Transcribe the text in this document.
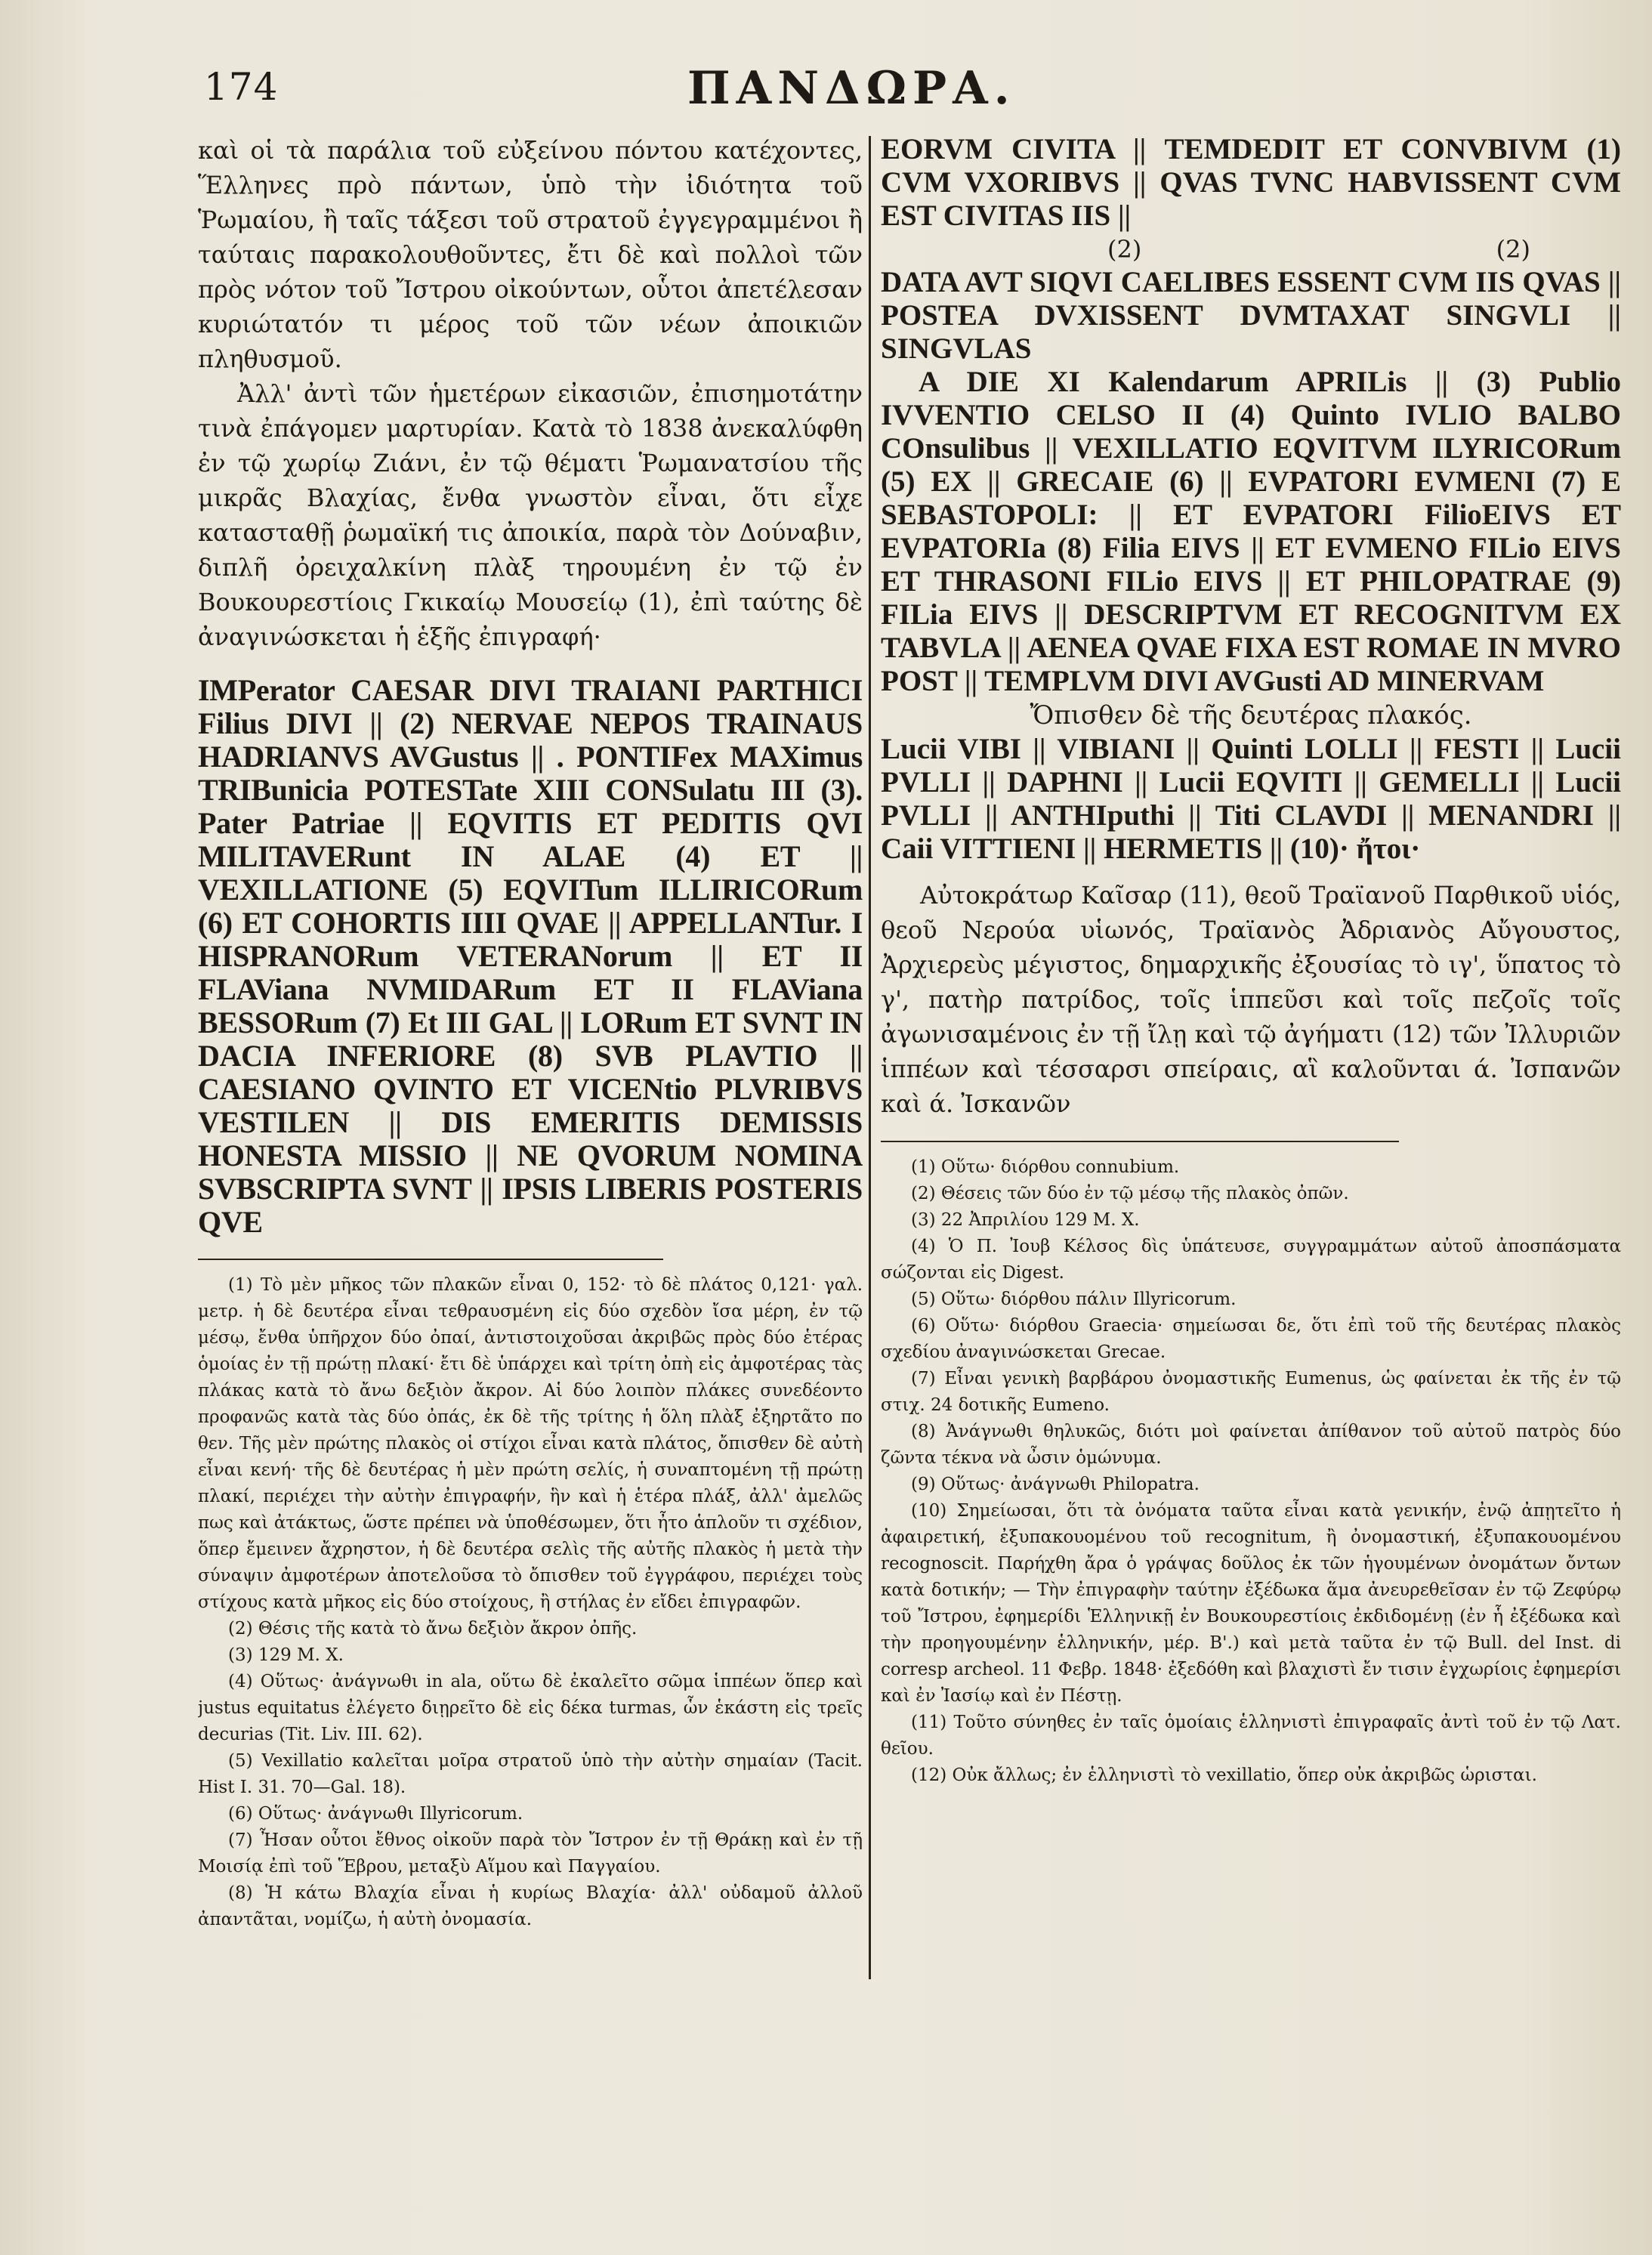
174	ΠΑΝΔΩΡΑ.

καὶ οἱ τὰ παράλια τοῦ εὐξείνου πόντου κατέχοντες, Ἕλληνες πρὸ πάντων, ὑπὸ τὴν ἰδιότητα τοῦ Ῥωμαίου, ἢ ταῖς τάξεσι τοῦ στρατοῦ ἐγγεγραμμένοι ἢ ταύταις παρακολουθοῦντες, ἔτι δὲ καὶ πολλοὶ τῶν πρὸς νότον τοῦ Ἴστρου οἰκούντων, οὗτοι ἀπετέλεσαν κυριώτατόν τι μέρος τοῦ τῶν νέων ἀποικιῶν πληθυσμοῦ.

Ἀλλ' ἀντὶ τῶν ἡμετέρων εἰκασιῶν, ἐπισημοτάτην τινὰ ἐπάγομεν μαρτυρίαν. Κατὰ τὸ 1838 ἀνεκαλύφθη ἐν τῷ χωρίῳ Ζιάνι, ἐν τῷ θέματι Ῥωμανατσίου τῆς μικρᾶς Βλαχίας, ἔνθα γνωστὸν εἶναι, ὅτι εἶχε κατασταθῇ ῥωμαϊκή τις ἀποικία, παρὰ τὸν Δούναβιν, διπλῆ ὀρειχαλκίνη πλὰξ τηρουμένη ἐν τῷ ἐν Βουκουρεστίοις Γκικαίῳ Μουσείῳ (1), ἐπὶ ταύτης δὲ ἀναγινώσκεται ἡ ἑξῆς ἐπιγραφή·

IMPerator CAESAR DIVI TRAIANI PARTHICI Filius DIVI || (2) NERVAE NEPOS TRAINAUS HADRIANVS AVGustus || . PONTIFex MAXimus TRIBunicia POTESTate XIII CONSulatu III (3). Pater Patriae || EQVITIS ET PEDITIS QVI MILITAVERunt IN ALAE (4) ET || VEXILLATIONE (5) EQVITum ILLIRICORum (6) ET COHORTIS IIII QVAE || APPELLANTur. I HISPRANORum VETERANorum || ET II FLAViana NVMIDARum ET II FLAViana BESSORum (7) Et III GAL || LORum ET SVNT IN DACIA INFERIORE (8) SVB PLAVTIO || CAESIANO QVINTO ET VICENtio PLVRIBVS VESTILEN || DIS EMERITIS DEMISSIS HONESTA MISSIO || NE QVORUM NOMINA SVBSCRIPTA SVNT || IPSIS LIBERIS POSTERIS QVE

(1) Τὸ μὲν μῆκος τῶν πλακῶν εἶναι 0, 152· τὸ δὲ πλάτος 0,121· γαλ. μετρ. ἡ δὲ δευτέρα εἶναι τεθραυσμένη εἰς δύο σχεδὸν ἴσα μέρη, ἐν τῷ μέσῳ, ἔνθα ὑπῆρχον δύο ὀπαί, ἀντιστοιχοῦσαι ἀκριβῶς πρὸς δύο ἑτέρας ὁμοίας ἐν τῇ πρώτῃ πλακί· ἔτι δὲ ὑπάρχει καὶ τρίτη ὀπὴ εἰς ἀμφοτέρας τὰς πλάκας κατὰ τὸ ἄνω δεξιὸν ἄκρον. Αἱ δύο λοιπὸν πλάκες συνεδέοντο προφανῶς κατὰ τὰς δύο ὀπάς, ἐκ δὲ τῆς τρίτης ἡ ὅλη πλὰξ ἐξηρτᾶτο πο θεν. Τῆς μὲν πρώτης πλακὸς οἱ στίχοι εἶναι κατὰ πλάτος, ὄπισθεν δὲ αὐτὴ εἶναι κενή· τῆς δὲ δευτέρας ἡ μὲν πρώτη σελίς, ἡ συναπτομένη τῇ πρώτῃ πλακί, περιέχει τὴν αὐτὴν ἐπιγραφήν, ἣν καὶ ἡ ἑτέρα πλάξ, ἀλλ' ἀμελῶς πως καὶ ἀτάκτως, ὥστε πρέπει νὰ ὑποθέσωμεν, ὅτι ἦτο ἁπλοῦν τι σχέδιον, ὅπερ ἔμεινεν ἄχρηστον, ἡ δὲ δευτέρα σελὶς τῆς αὐτῆς πλακὸς ἡ μετὰ τὴν σύναψιν ἀμφοτέρων ἀποτελοῦσα τὸ ὄπισθεν τοῦ ἐγγράφου, περιέχει τοὺς στίχους κατὰ μῆκος εἰς δύο στοίχους, ἢ στήλας ἐν εἴδει ἐπιγραφῶν.

(2) Θέσις τῆς κατὰ τὸ ἄνω δεξιὸν ἄκρον ὀπῆς.

(3) 129 Μ. Χ.

(4) Οὕτως· ἀνάγνωθι in ala, οὕτω δὲ ἐκαλεῖτο σῶμα ἱππέων ὅπερ καὶ justus equitatus ἐλέγετο διῃρεῖτο δὲ εἰς δέκα turmas, ὧν ἑκάστη εἰς τρεῖς decurias (Tit. Liv. III. 62).

(5) Vexillatio καλεῖται μοῖρα στρατοῦ ὑπὸ τὴν αὐτὴν σημαίαν (Tacit. Hist I. 31. 70—Gal. 18).

(6) Οὕτως· ἀνάγνωθι Illyricorum.

(7) Ἦσαν οὗτοι ἔθνος οἰκοῦν παρὰ τὸν Ἴστρον ἐν τῇ Θράκῃ καὶ ἐν τῇ Μοισίᾳ ἐπὶ τοῦ Ἕβρου, μεταξὺ Αἵμου καὶ Παγγαίου.

(8) Ἡ κάτω Βλαχία εἶναι ἡ κυρίως Βλαχία· ἀλλ' οὐδαμοῦ ἀλλοῦ ἀπαντᾶται, νομίζω, ἡ αὐτὴ ὀνομασία.

EORVM CIVITA || TEMDEDIT ET CONVBIVM (1) CVM VXORIBVS || QVAS TVNC HABVISSENT CVM EST CIVITAS IIS ||

(2)	(2)

DATA AVT SIQVI CAELIBES ESSENT CVM IIS QVAS || POSTEA DVXISSENT DVMTAXAT SINGVLI || SINGVLAS

A DIE XI Kalendarum APRILis || (3) Publio IVVENTIO CELSO II (4) Quinto IVLIO BALBO COnsulibus || VEXILLATIO EQVITVM ILYRICORum (5) EX || GRECAIE (6) || EVPATORI EVMENI (7) E SEBASTOPOLI: || ET EVPATORI FilioEIVS ET EVPATORIa (8) Filia EIVS || ET EVMENO FILio EIVS ET THRASONI FILio EIVS || ET PHILOPATRAE (9) FILia EIVS || DESCRIPTVM ET RECOGNITVM EX TABVLA || AENEA QVAE FIXA EST ROMAE IN MVRO POST || TEMPLVM DIVI AVGusti AD MINERVAM

Ὄπισθεν δὲ τῆς δευτέρας πλακός.

Lucii VIBI || VIBIANI || Quinti LOLLI || FESTI || Lucii PVLLI || DAPHNI || Lucii EQVITI || GEMELLI || Lucii PVLLI || ANTHIputhi || Titi CLAVDI || MENANDRI || Caii VITTIENI || HERMETIS || (10)· ἤτοι·

Αὐτοκράτωρ Καῖσαρ (11), θεοῦ Τραϊανοῦ Παρθικοῦ υἱός, θεοῦ Νερούα υἱωνός, Τραϊανὸς Ἀδριανὸς Αὔγουστος, Ἀρχιερεὺς μέγιστος, δημαρχικῆς ἐξουσίας τὸ ιγ', ὕπατος τὸ γ', πατὴρ πατρίδος, τοῖς ἱππεῦσι καὶ τοῖς πεζοῖς τοῖς ἀγωνισαμένοις ἐν τῇ ἴλῃ καὶ τῷ ἀγήματι (12) τῶν Ἰλλυριῶν ἱππέων καὶ τέσσαρσι σπείραις, αἳ καλοῦνται ά. Ἰσπανῶν καὶ ά. Ἰσκανῶν

(1) Οὕτω· διόρθου connubium.

(2) Θέσεις τῶν δύο ἐν τῷ μέσῳ τῆς πλακὸς ὀπῶν.

(3) 22 Ἀπριλίου 129 Μ. Χ.

(4) Ὁ Π. Ἰουβ Κέλσος δὶς ὑπάτευσε, συγγραμμάτων αὐτοῦ ἀποσπάσματα σώζονται εἰς Digest.

(5) Οὕτω· διόρθου πάλιν Illyricorum.

(6) Οὕτω· διόρθου Graecia· σημείωσαι δε, ὅτι ἐπὶ τοῦ τῆς δευτέρας πλακὸς σχεδίου ἀναγινώσκεται Grecae.

(7) Εἶναι γενικὴ βαρβάρου ὀνομαστικῆς Eumenus, ὡς φαίνεται ἐκ τῆς ἐν τῷ στιχ. 24 δοτικῆς Eumeno.

(8) Ἀνάγνωθι θηλυκῶς, διότι μοὶ φαίνεται ἀπίθανον τοῦ αὐτοῦ πατρὸς δύο ζῶντα τέκνα νὰ ὦσιν ὁμώνυμα.

(9) Οὕτως· ἀνάγνωθι Philopatra.

(10) Σημείωσαι, ὅτι τὰ ὀνόματα ταῦτα εἶναι κατὰ γενικήν, ἐνῷ ἀπῃτεῖτο ἡ ἀφαιρετική, ἐξυπακουομένου τοῦ recognitum, ἢ ὀνομαστική, ἐξυπακουομένου recognoscit. Παρήχθη ἄρα ὁ γράψας δοῦλος ἐκ τῶν ἡγουμένων ὀνομάτων ὄντων κατὰ δοτικήν; — Τὴν ἐπιγραφὴν ταύτην ἐξέδωκα ἅμα ἀνευρεθεῖσαν ἐν τῷ Ζεφύρῳ τοῦ Ἴστρου, ἐφημερίδι Ἑλληνικῇ ἐν Βουκουρεστίοις ἐκδιδομένῃ (ἐν ἧ ἐξέδωκα καὶ τὴν προηγουμένην ἑλληνικήν, μέρ. Β'.) καὶ μετὰ ταῦτα ἐν τῷ Bull. del Inst. di corresp archeol. 11 Φεβρ. 1848· ἐξεδόθη καὶ βλαχιστὶ ἔν τισιν ἐγχωρίοις ἐφημερίσι καὶ ἐν Ἰασίῳ καὶ ἐν Πέστῃ.

(11) Τοῦτο σύνηθες ἐν ταῖς ὁμοίαις ἑλληνιστὶ ἐπιγραφαῖς ἀντὶ τοῦ ἐν τῷ Λατ. θεῖου.

(12) Οὐκ ἄλλως; ἐν ἑλληνιστὶ τὸ vexillatio, ὅπερ οὐκ ἀκριβῶς ὡρισται.
